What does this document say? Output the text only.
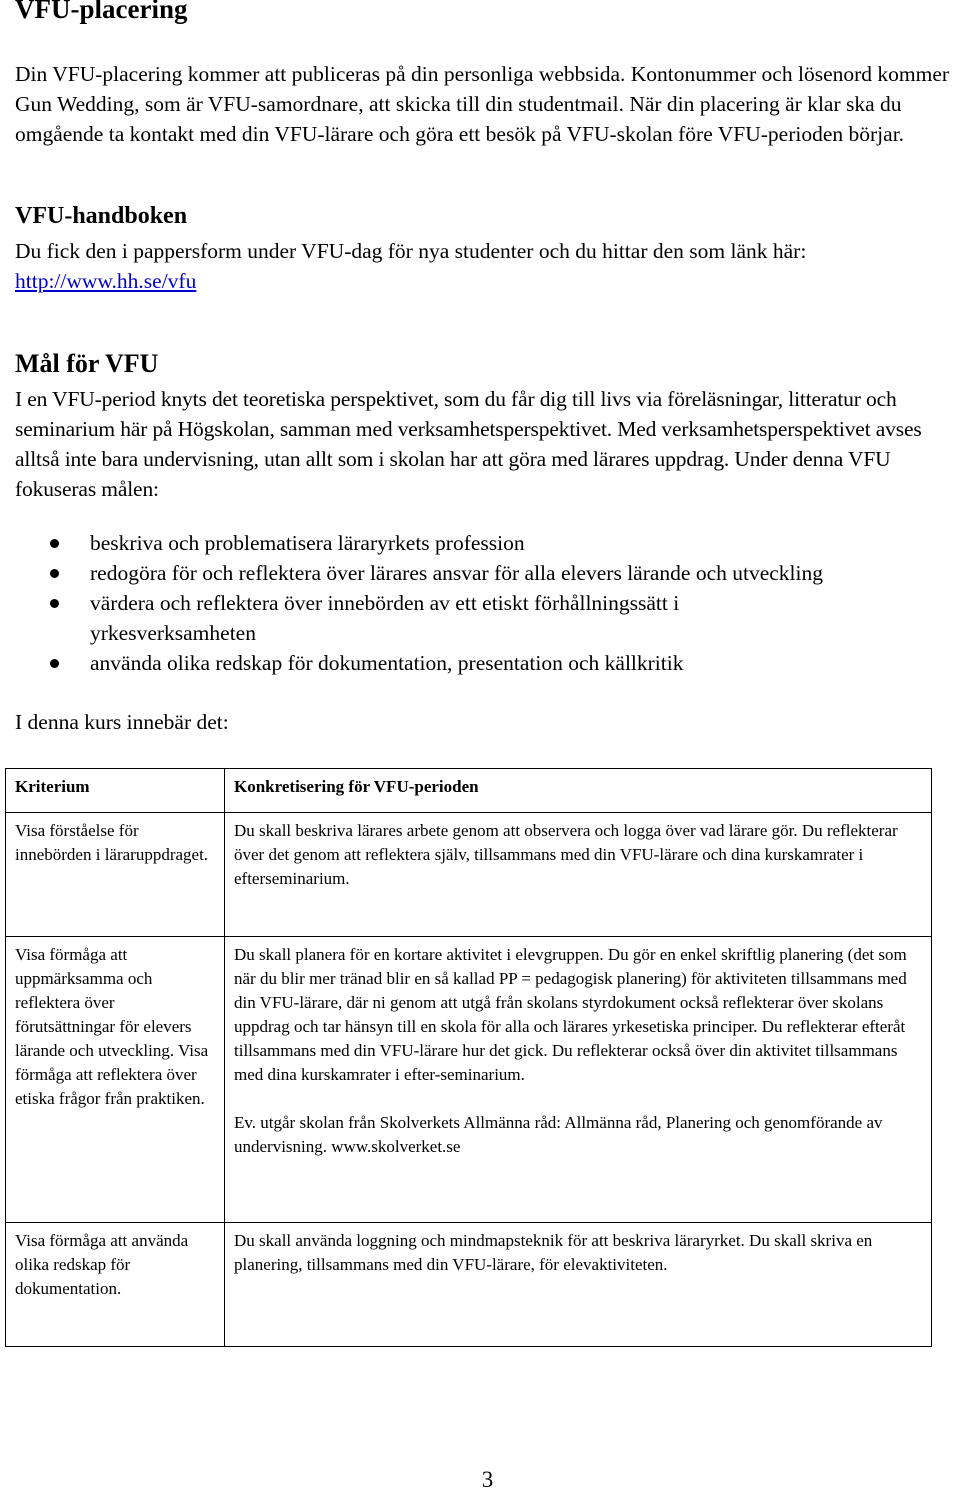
VFU-placering

Din VFU-placering kommer att publiceras på din personliga webbsida. Kontonummer och lösenord kommer Gun Wedding, som är VFU-samordnare, att skicka till din studentmail. När din placering är klar ska du omgående ta kontakt med din VFU-lärare och göra ett besök på VFU-skolan före VFU-perioden börjar.

VFU-handboken

Du fick den i pappersform under VFU-dag för nya studenter och du hittar den som länk här: http://www.hh.se/vfu

Mål för VFU

I en VFU-period knyts det teoretiska perspektivet, som du får dig till livs via föreläsningar, litteratur och seminarium här på Högskolan, samman med verksamhetsperspektivet. Med verksamhetsperspektivet avses alltså inte bara undervisning, utan allt som i skolan har att göra med lärares uppdrag. Under denna VFU fokuseras målen:

beskriva och problematisera läraryrkets profession
redogöra för och reflektera över lärares ansvar för alla elevers lärande och utveckling
värdera och reflektera över innebörden av ett etiskt förhållningssätt i yrkesverksamheten
använda olika redskap för dokumentation, presentation och källkritik

I denna kurs innebär det:

Kriterium	Konkretisering för VFU-perioden
Visa förståelse för innebörden i läraruppdraget.	Du skall beskriva lärares arbete genom att observera och logga över vad lärare gör. Du reflekterar över det genom att reflektera själv, tillsammans med din VFU-lärare och dina kurskamrater i efterseminarium.

Visa förmåga att uppmärksamma och reflektera över förutsättningar för elevers lärande och utveckling. Visa förmåga att reflektera över etiska frågor från praktiken.	Du skall planera för en kortare aktivitet i elevgruppen. Du gör en enkel skriftlig planering (det som när du blir mer tränad blir en så kallad PP = pedagogisk planering) för aktiviteten tillsammans med din VFU-lärare, där ni genom att utgå från skolans styrdokument också reflekterar över skolans uppdrag och tar hänsyn till en skola för alla och lärares yrkesetiska principer. Du reflekterar efteråt tillsammans med din VFU-lärare hur det gick. Du reflekterar också över din aktivitet tillsammans med dina kurskamrater i efter-seminarium.

Ev. utgår skolan från Skolverkets Allmänna råd: Allmänna råd, Planering och genomförande av undervisning. www.skolverket.se

Visa förmåga att använda olika redskap för dokumentation.	Du skall använda loggning och mindmapsteknik för att beskriva läraryrket. Du skall skriva en planering, tillsammans med din VFU-lärare, för elevaktiviteten.

3
